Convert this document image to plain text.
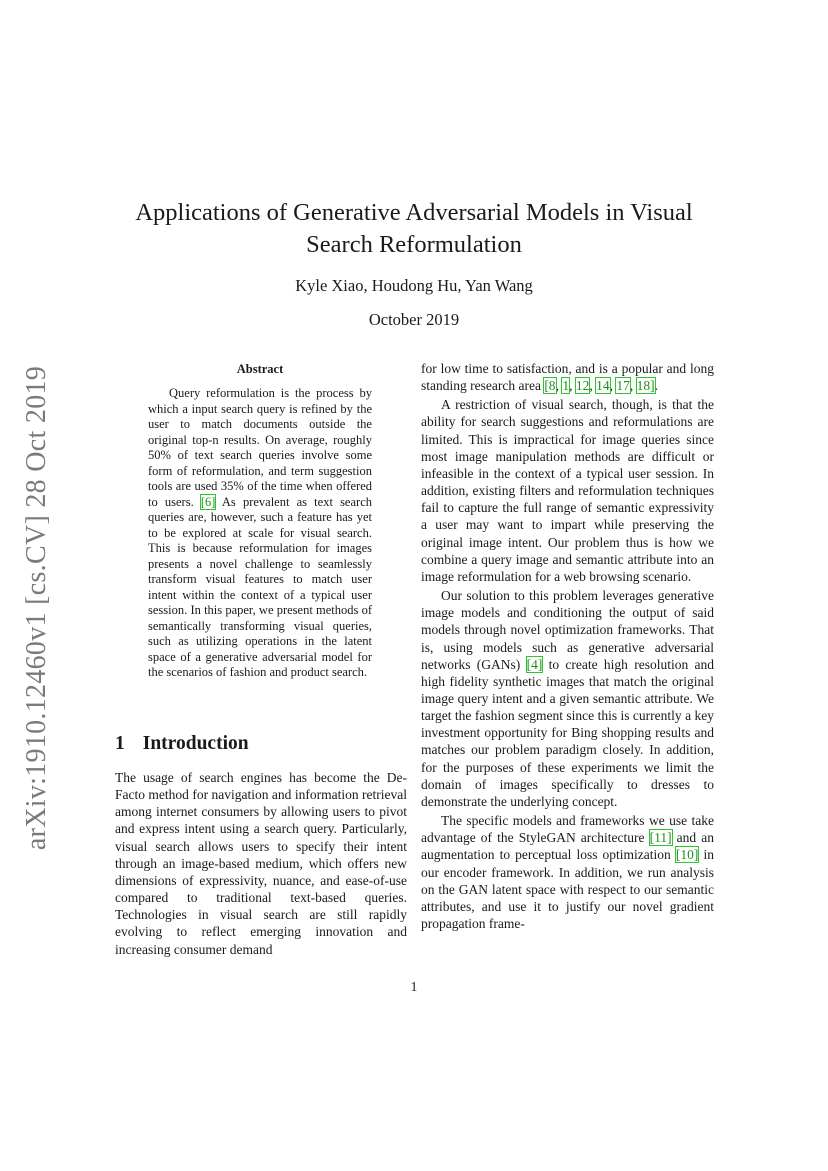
arXiv:1910.12460v1 [cs.CV] 28 Oct 2019
Applications of Generative Adversarial Models in Visual Search Reformulation
Kyle Xiao, Houdong Hu, Yan Wang
October 2019
Abstract

Query reformulation is the process by which a input search query is refined by the user to match documents outside the original top-n results. On average, roughly 50% of text search queries involve some form of reformulation, and term suggestion tools are used 35% of the time when offered to users. [6] As prevalent as text search queries are, however, such a feature has yet to be explored at scale for visual search. This is because reformulation for images presents a novel challenge to seamlessly transform visual features to match user intent within the context of a typical user session. In this paper, we present methods of semantically transforming visual queries, such as utilizing operations in the latent space of a generative adversarial model for the scenarios of fashion and product search.

1 Introduction

The usage of search engines has become the De-Facto method for navigation and information retrieval among internet consumers by allowing users to pivot and express intent using a search query. Particularly, visual search allows users to specify their intent through an image-based medium, which offers new dimensions of expressivity, nuance, and ease-of-use compared to traditional text-based queries. Technologies in visual search are still rapidly evolving to reflect emerging innovation and increasing consumer demand

for low time to satisfaction, and is a popular and long standing research area [8, 1, 12, 14, 17, 18].

A restriction of visual search, though, is that the ability for search suggestions and reformulations are limited. This is impractical for image queries since most image manipulation methods are difficult or infeasible in the context of a typical user session. In addition, existing filters and reformulation techniques fail to capture the full range of semantic expressivity a user may want to impart while preserving the original image intent. Our problem thus is how we combine a query image and semantic attribute into an image reformulation for a web browsing scenario.

Our solution to this problem leverages generative image models and conditioning the output of said models through novel optimization frameworks. That is, using models such as generative adversarial networks (GANs) [4] to create high resolution and high fidelity synthetic images that match the original image query intent and a given semantic attribute. We target the fashion segment since this is currently a key investment opportunity for Bing shopping results and matches our problem paradigm closely. In addition, for the purposes of these experiments we limit the domain of images specifically to dresses to demonstrate the underlying concept.

The specific models and frameworks we use take advantage of the StyleGAN architecture [11] and an augmentation to perceptual loss optimization [10] in our encoder framework. In addition, we run analysis on the GAN latent space with respect to our semantic attributes, and use it to justify our novel gradient propagation frame-

1
